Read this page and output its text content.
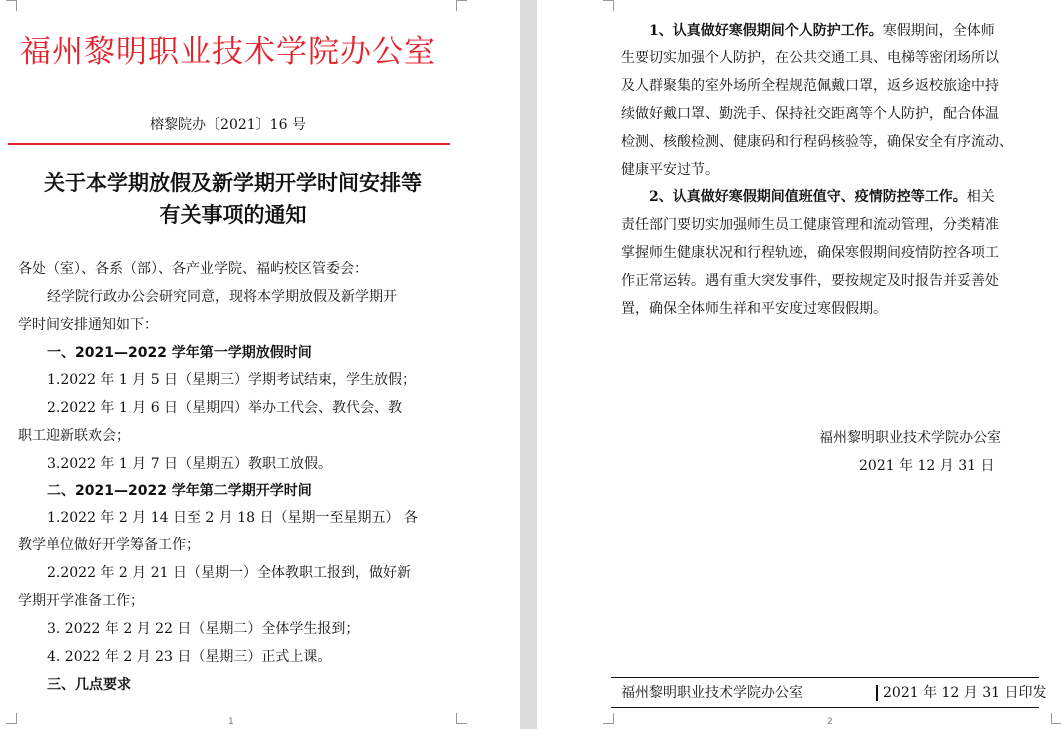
福州黎明职业技术学院办公室
榕黎院办〔2021〕16 号
关于本学期放假及新学期开学时间安排等
有关事项的通知
各处（室）、各系（部）、各产业学院、福屿校区管委会：
经学院行政办公会研究同意，现将本学期放假及新学期开
学时间安排通知如下：
一、2021—2022 学年第一学期放假时间
1.2022 年 1 月 5 日（星期三）学期考试结束，学生放假；
2.2022 年 1 月 6 日（星期四）举办工代会、教代会、教
职工迎新联欢会；
3.2022 年 1 月 7 日（星期五）教职工放假。
二、2021—2022 学年第二学期开学时间
1.2022 年 2 月 14 日至 2 月 18 日（星期一至星期五） 各
教学单位做好开学筹备工作；
2.2022 年 2 月 21 日（星期一）全体教职工报到，做好新
学期开学准备工作；
3. 2022 年 2 月 22 日（星期二）全体学生报到；
4. 2022 年 2 月 23 日（星期三）正式上课。
三、几点要求
1
1、认真做好寒假期间个人防护工作。寒假期间，全体师
生要切实加强个人防护，在公共交通工具、电梯等密闭场所以
及人群聚集的室外场所全程规范佩戴口罩，返乡返校旅途中持
续做好戴口罩、勤洗手、保持社交距离等个人防护，配合体温
检测、核酸检测、健康码和行程码核验等，确保安全有序流动、
健康平安过节。
2、认真做好寒假期间值班值守、疫情防控等工作。相关
责任部门要切实加强师生员工健康管理和流动管理，分类精准
掌握师生健康状况和行程轨迹，确保寒假期间疫情防控各项工
作正常运转。遇有重大突发事件，要按规定及时报告并妥善处
置，确保全体师生祥和平安度过寒假假期。
福州黎明职业技术学院办公室
2021 年 12 月 31 日
福州黎明职业技术学院办公室	2021 年 12 月 31 日印发
2
